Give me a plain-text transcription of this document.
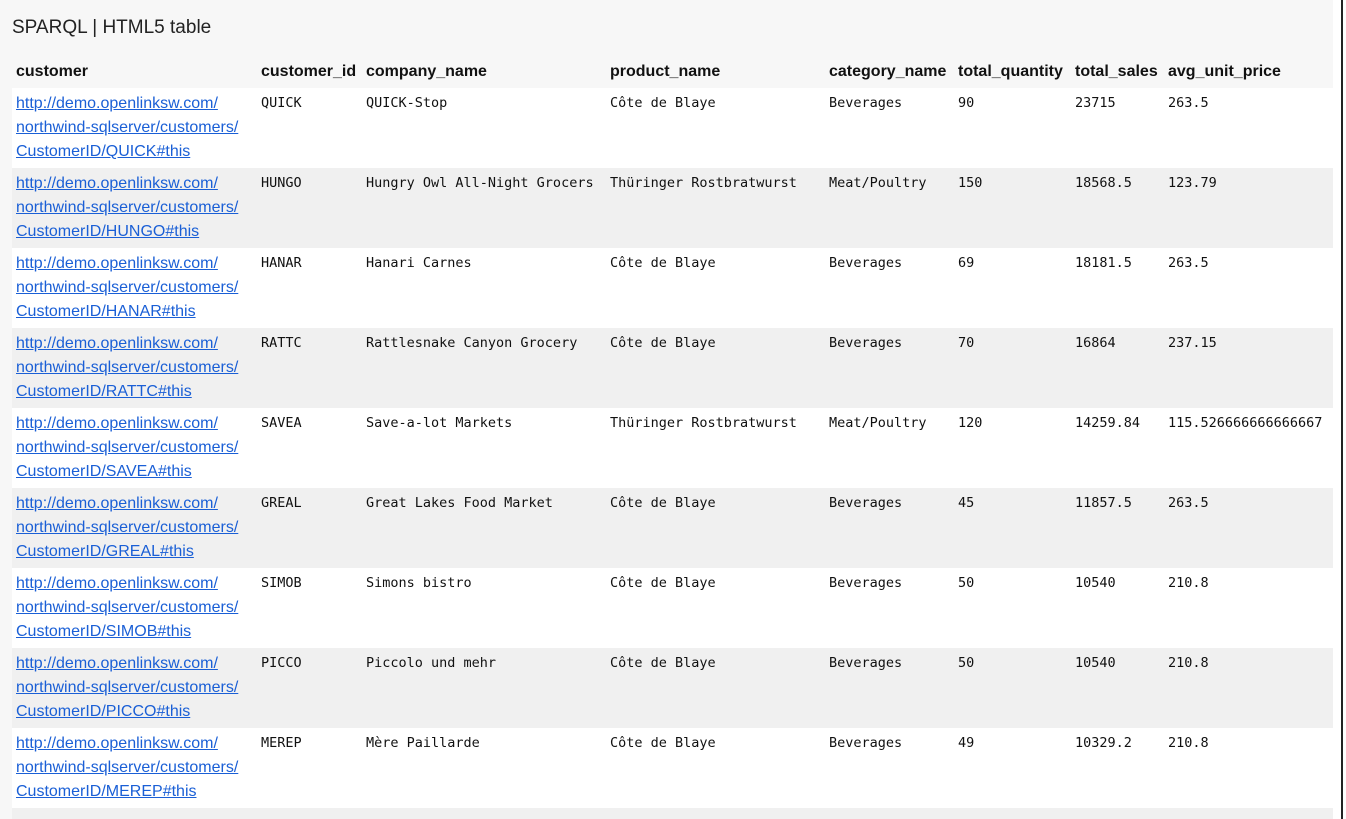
SPARQL | HTML5 table
customer	customer_id	company_name	product_name	category_name	total_quantity	total_sales	avg_unit_price

http://demo.openlinksw.com/
northwind-sqlserver/customers/
CustomerID/QUICK#this	QUICK	QUICK-Stop	Côte de Blaye	Beverages	90	23715	263.5

http://demo.openlinksw.com/
northwind-sqlserver/customers/
CustomerID/HUNGO#this	HUNGO	Hungry Owl All-Night Grocers	Thüringer Rostbratwurst	Meat/Poultry	150	18568.5	123.79

http://demo.openlinksw.com/
northwind-sqlserver/customers/
CustomerID/HANAR#this	HANAR	Hanari Carnes	Côte de Blaye	Beverages	69	18181.5	263.5

http://demo.openlinksw.com/
northwind-sqlserver/customers/
CustomerID/RATTC#this	RATTC	Rattlesnake Canyon Grocery	Côte de Blaye	Beverages	70	16864	237.15

http://demo.openlinksw.com/
northwind-sqlserver/customers/
CustomerID/SAVEA#this	SAVEA	Save-a-lot Markets	Thüringer Rostbratwurst	Meat/Poultry	120	14259.84	115.526666666666667

http://demo.openlinksw.com/
northwind-sqlserver/customers/
CustomerID/GREAL#this	GREAL	Great Lakes Food Market	Côte de Blaye	Beverages	45	11857.5	263.5

http://demo.openlinksw.com/
northwind-sqlserver/customers/
CustomerID/SIMOB#this	SIMOB	Simons bistro	Côte de Blaye	Beverages	50	10540	210.8

http://demo.openlinksw.com/
northwind-sqlserver/customers/
CustomerID/PICCO#this	PICCO	Piccolo und mehr	Côte de Blaye	Beverages	50	10540	210.8

http://demo.openlinksw.com/
northwind-sqlserver/customers/
CustomerID/MEREP#this	MEREP	Mère Paillarde	Côte de Blaye	Beverages	49	10329.2	210.8
